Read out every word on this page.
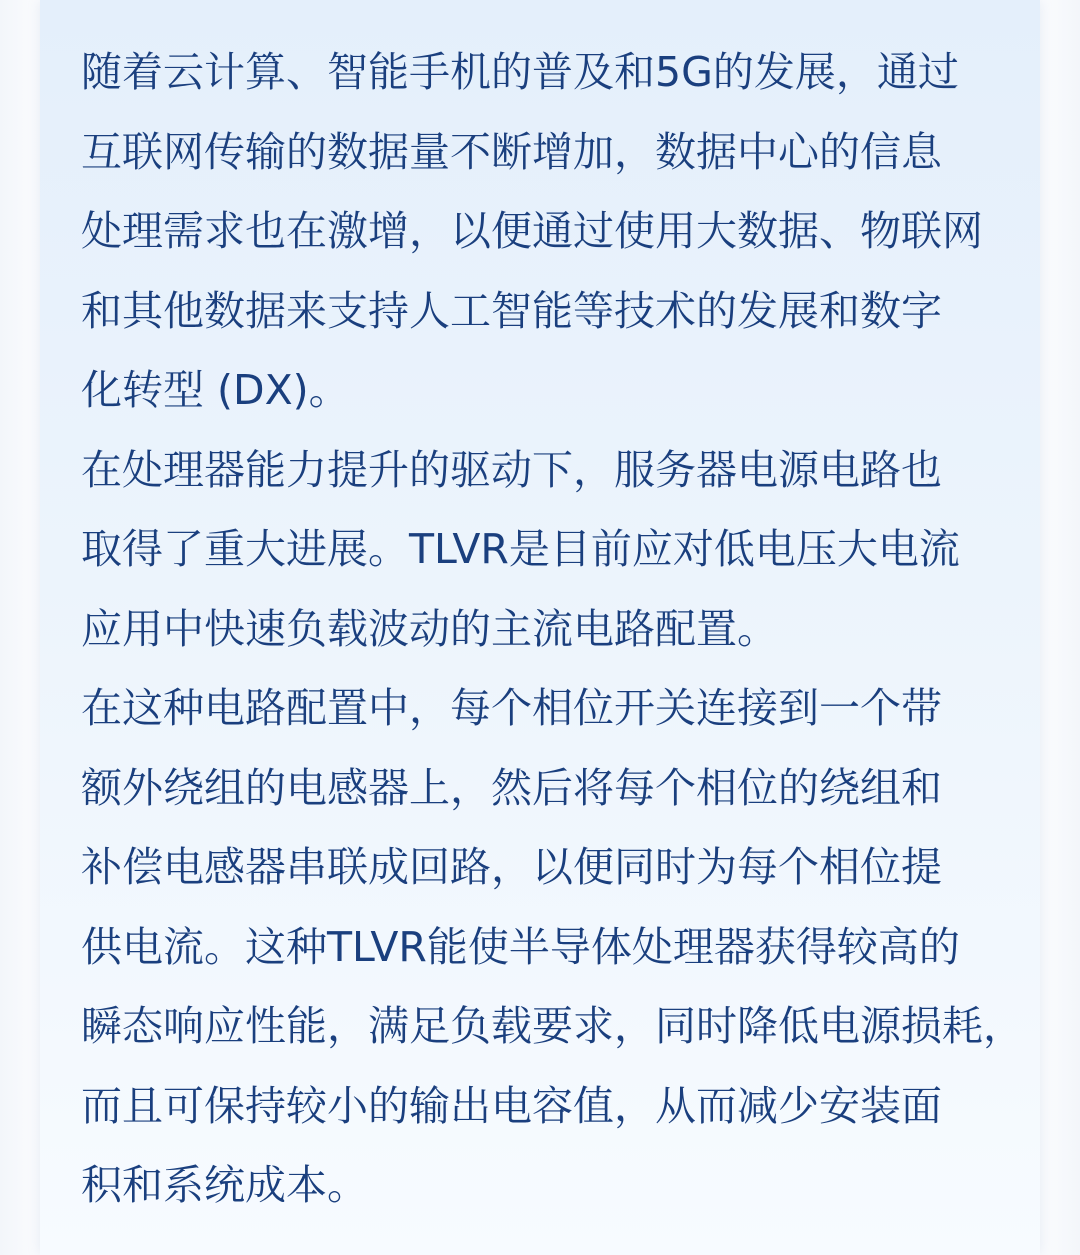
随着云计算、智能手机的普及和5G的发展，通过
互联网传输的数据量不断增加，数据中心的信息
处理需求也在激增，以便通过使用大数据、物联网
和其他数据来支持人工智能等技术的发展和数字
化转型 (DX)。
在处理器能力提升的驱动下，服务器电源电路也
取得了重大进展。TLVR是目前应对低电压大电流
应用中快速负载波动的主流电路配置。
在这种电路配置中，每个相位开关连接到一个带
额外绕组的电感器上，然后将每个相位的绕组和
补偿电感器串联成回路，以便同时为每个相位提
供电流。这种TLVR能使半导体处理器获得较高的
瞬态响应性能，满足负载要求，同时降低电源损耗，
而且可保持较小的输出电容值，从而减少安装面
积和系统成本。
